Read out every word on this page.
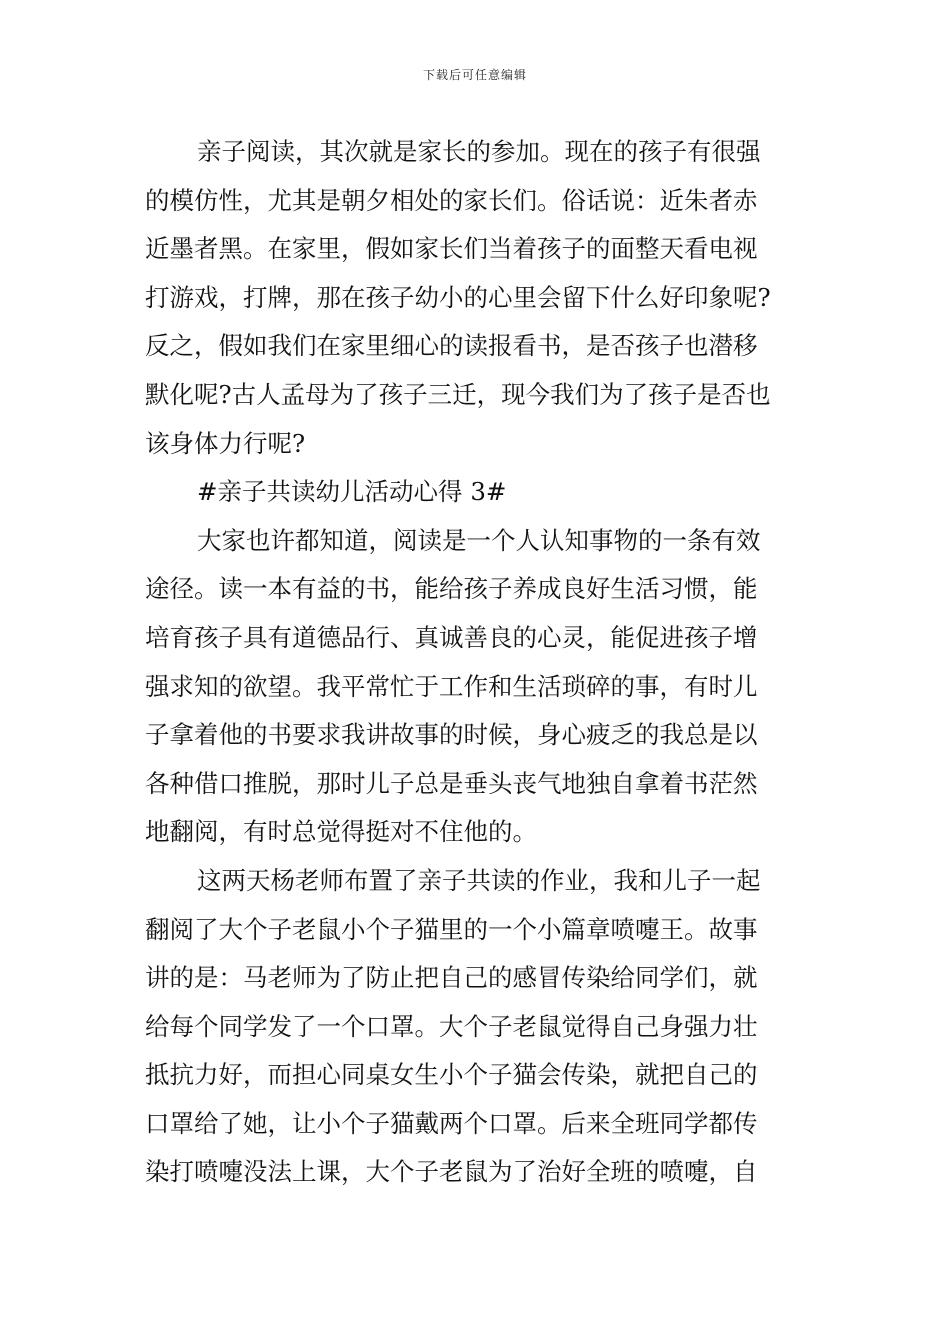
下载后可任意编辑
亲子阅读，其次就是家长的参加。现在的孩子有很强
的模仿性，尤其是朝夕相处的家长们。俗话说：近朱者赤
近墨者黑。在家里，假如家长们当着孩子的面整天看电视
打游戏，打牌，那在孩子幼小的心里会留下什么好印象呢?
反之，假如我们在家里细心的读报看书，是否孩子也潜移
默化呢?古人孟母为了孩子三迁，现今我们为了孩子是否也
该身体力行呢?
#亲子共读幼儿活动心得 3#
大家也许都知道，阅读是一个人认知事物的一条有效
途径。读一本有益的书，能给孩子养成良好生活习惯，能
培育孩子具有道德品行、真诚善良的心灵，能促进孩子增
强求知的欲望。我平常忙于工作和生活琐碎的事，有时儿
子拿着他的书要求我讲故事的时候，身心疲乏的我总是以
各种借口推脱，那时儿子总是垂头丧气地独自拿着书茫然
地翻阅，有时总觉得挺对不住他的。
这两天杨老师布置了亲子共读的作业，我和儿子一起
翻阅了大个子老鼠小个子猫里的一个小篇章喷嚏王。故事
讲的是：马老师为了防止把自己的感冒传染给同学们，就
给每个同学发了一个口罩。大个子老鼠觉得自己身强力壮
抵抗力好，而担心同桌女生小个子猫会传染，就把自己的
口罩给了她，让小个子猫戴两个口罩。后来全班同学都传
染打喷嚏没法上课，大个子老鼠为了治好全班的喷嚏，自
